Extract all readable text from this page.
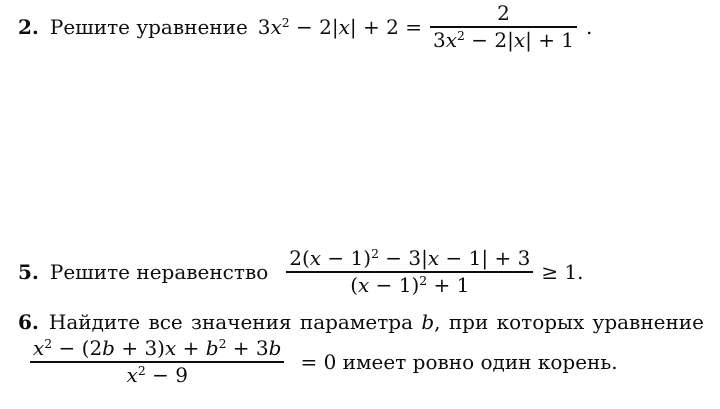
2. Решите уравнение $3x^2 - 2|x| + 2 = \frac{2}{3x^2 - 2|x| + 1}$ .
5. Решите неравенство $\frac{2(x - 1)^2 - 3|x - 1| + 3}{(x - 1)^2 + 1} \ge 1$.
6. Найдите все значения параметра b, при которых уравнение
$\frac{x^2 - (2b + 3)x + b^2 + 3b}{x^2 - 9} = 0$ имеет ровно один корень.
